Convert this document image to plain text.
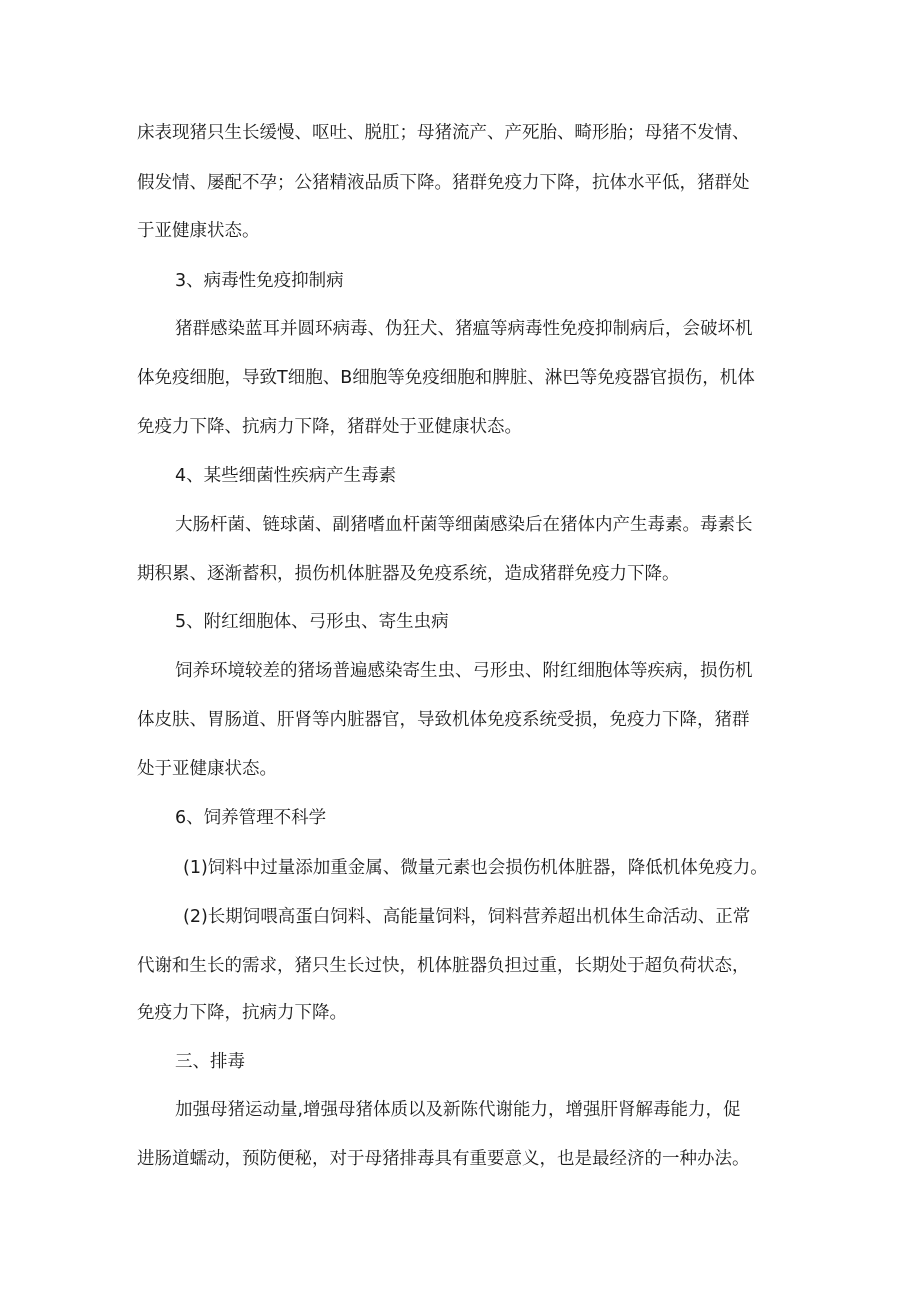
床表现猪只生长缓慢、呕吐、脱肛；母猪流产、产死胎、畸形胎；母猪不发情、

假发情、屡配不孕；公猪精液品质下降。猪群免疫力下降，抗体水平低，猪群处

于亚健康状态。

3、病毒性免疫抑制病

猪群感染蓝耳并圆环病毒、伪狂犬、猪瘟等病毒性免疫抑制病后，会破坏机

体免疫细胞，导致T细胞、B细胞等免疫细胞和脾脏、淋巴等免疫器官损伤，机体

免疫力下降、抗病力下降，猪群处于亚健康状态。

4、某些细菌性疾病产生毒素

大肠杆菌、链球菌、副猪嗜血杆菌等细菌感染后在猪体内产生毒素。毒素长

期积累、逐渐蓄积，损伤机体脏器及免疫系统，造成猪群免疫力下降。

5、附红细胞体、弓形虫、寄生虫病

饲养环境较差的猪场普遍感染寄生虫、弓形虫、附红细胞体等疾病，损伤机

体皮肤、胃肠道、肝肾等内脏器官，导致机体免疫系统受损，免疫力下降，猪群

处于亚健康状态。

6、饲养管理不科学

(1)饲料中过量添加重金属、微量元素也会损伤机体脏器，降低机体免疫力。

(2)长期饲喂高蛋白饲料、高能量饲料，饲料营养超出机体生命活动、正常

代谢和生长的需求，猪只生长过快，机体脏器负担过重，长期处于超负荷状态，

免疫力下降，抗病力下降。

三、排毒

加强母猪运动量,增强母猪体质以及新陈代谢能力，增强肝肾解毒能力，促

进肠道蠕动，预防便秘，对于母猪排毒具有重要意义，也是最经济的一种办法。
